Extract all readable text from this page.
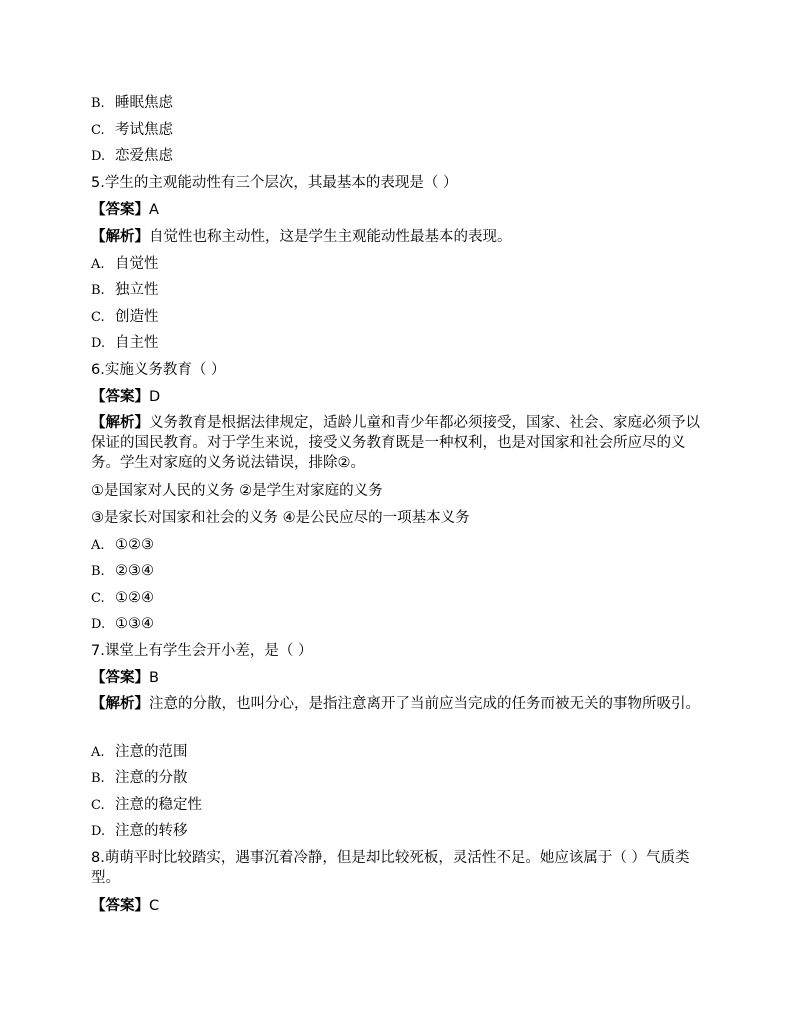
B. 睡眠焦虑
C. 考试焦虑
D. 恋爱焦虑
5.学生的主观能动性有三个层次，其最基本的表现是（ ）
【答案】A
【解析】自觉性也称主动性，这是学生主观能动性最基本的表现。
A. 自觉性
B. 独立性
C. 创造性
D. 自主性
6.实施义务教育（ ）
【答案】D
【解析】义务教育是根据法律规定，适龄儿童和青少年都必须接受，国家、社会、家庭必须予以保证的国民教育。对于学生来说，接受义务教育既是一种权利，也是对国家和社会所应尽的义务。学生对家庭的义务说法错误，排除②。
①是国家对人民的义务 ②是学生对家庭的义务
③是家长对国家和社会的义务 ④是公民应尽的一项基本义务
A. ①②③
B. ②③④
C. ①②④
D. ①③④
7.课堂上有学生会开小差，是（ ）
【答案】B
【解析】注意的分散，也叫分心，是指注意离开了当前应当完成的任务而被无关的事物所吸引。
A. 注意的范围
B. 注意的分散
C. 注意的稳定性
D. 注意的转移
8.萌萌平时比较踏实，遇事沉着冷静，但是却比较死板，灵活性不足。她应该属于（ ）气质类型。
【答案】C
